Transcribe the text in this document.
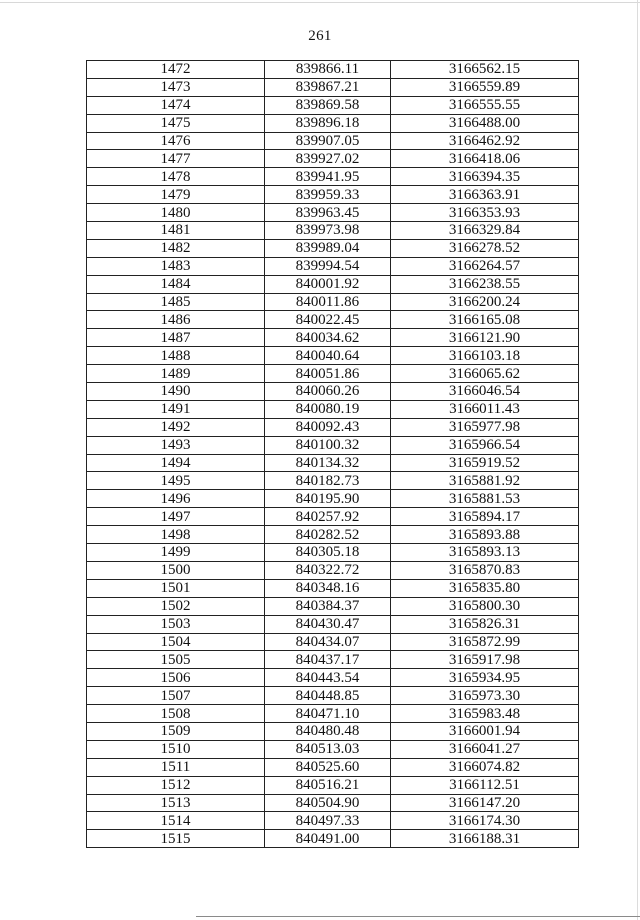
261
1472	839866.11	3166562.15
1473	839867.21	3166559.89
1474	839869.58	3166555.55
1475	839896.18	3166488.00
1476	839907.05	3166462.92
1477	839927.02	3166418.06
1478	839941.95	3166394.35
1479	839959.33	3166363.91
1480	839963.45	3166353.93
1481	839973.98	3166329.84
1482	839989.04	3166278.52
1483	839994.54	3166264.57
1484	840001.92	3166238.55
1485	840011.86	3166200.24
1486	840022.45	3166165.08
1487	840034.62	3166121.90
1488	840040.64	3166103.18
1489	840051.86	3166065.62
1490	840060.26	3166046.54
1491	840080.19	3166011.43
1492	840092.43	3165977.98
1493	840100.32	3165966.54
1494	840134.32	3165919.52
1495	840182.73	3165881.92
1496	840195.90	3165881.53
1497	840257.92	3165894.17
1498	840282.52	3165893.88
1499	840305.18	3165893.13
1500	840322.72	3165870.83
1501	840348.16	3165835.80
1502	840384.37	3165800.30
1503	840430.47	3165826.31
1504	840434.07	3165872.99
1505	840437.17	3165917.98
1506	840443.54	3165934.95
1507	840448.85	3165973.30
1508	840471.10	3165983.48
1509	840480.48	3166001.94
1510	840513.03	3166041.27
1511	840525.60	3166074.82
1512	840516.21	3166112.51
1513	840504.90	3166147.20
1514	840497.33	3166174.30
1515	840491.00	3166188.31
